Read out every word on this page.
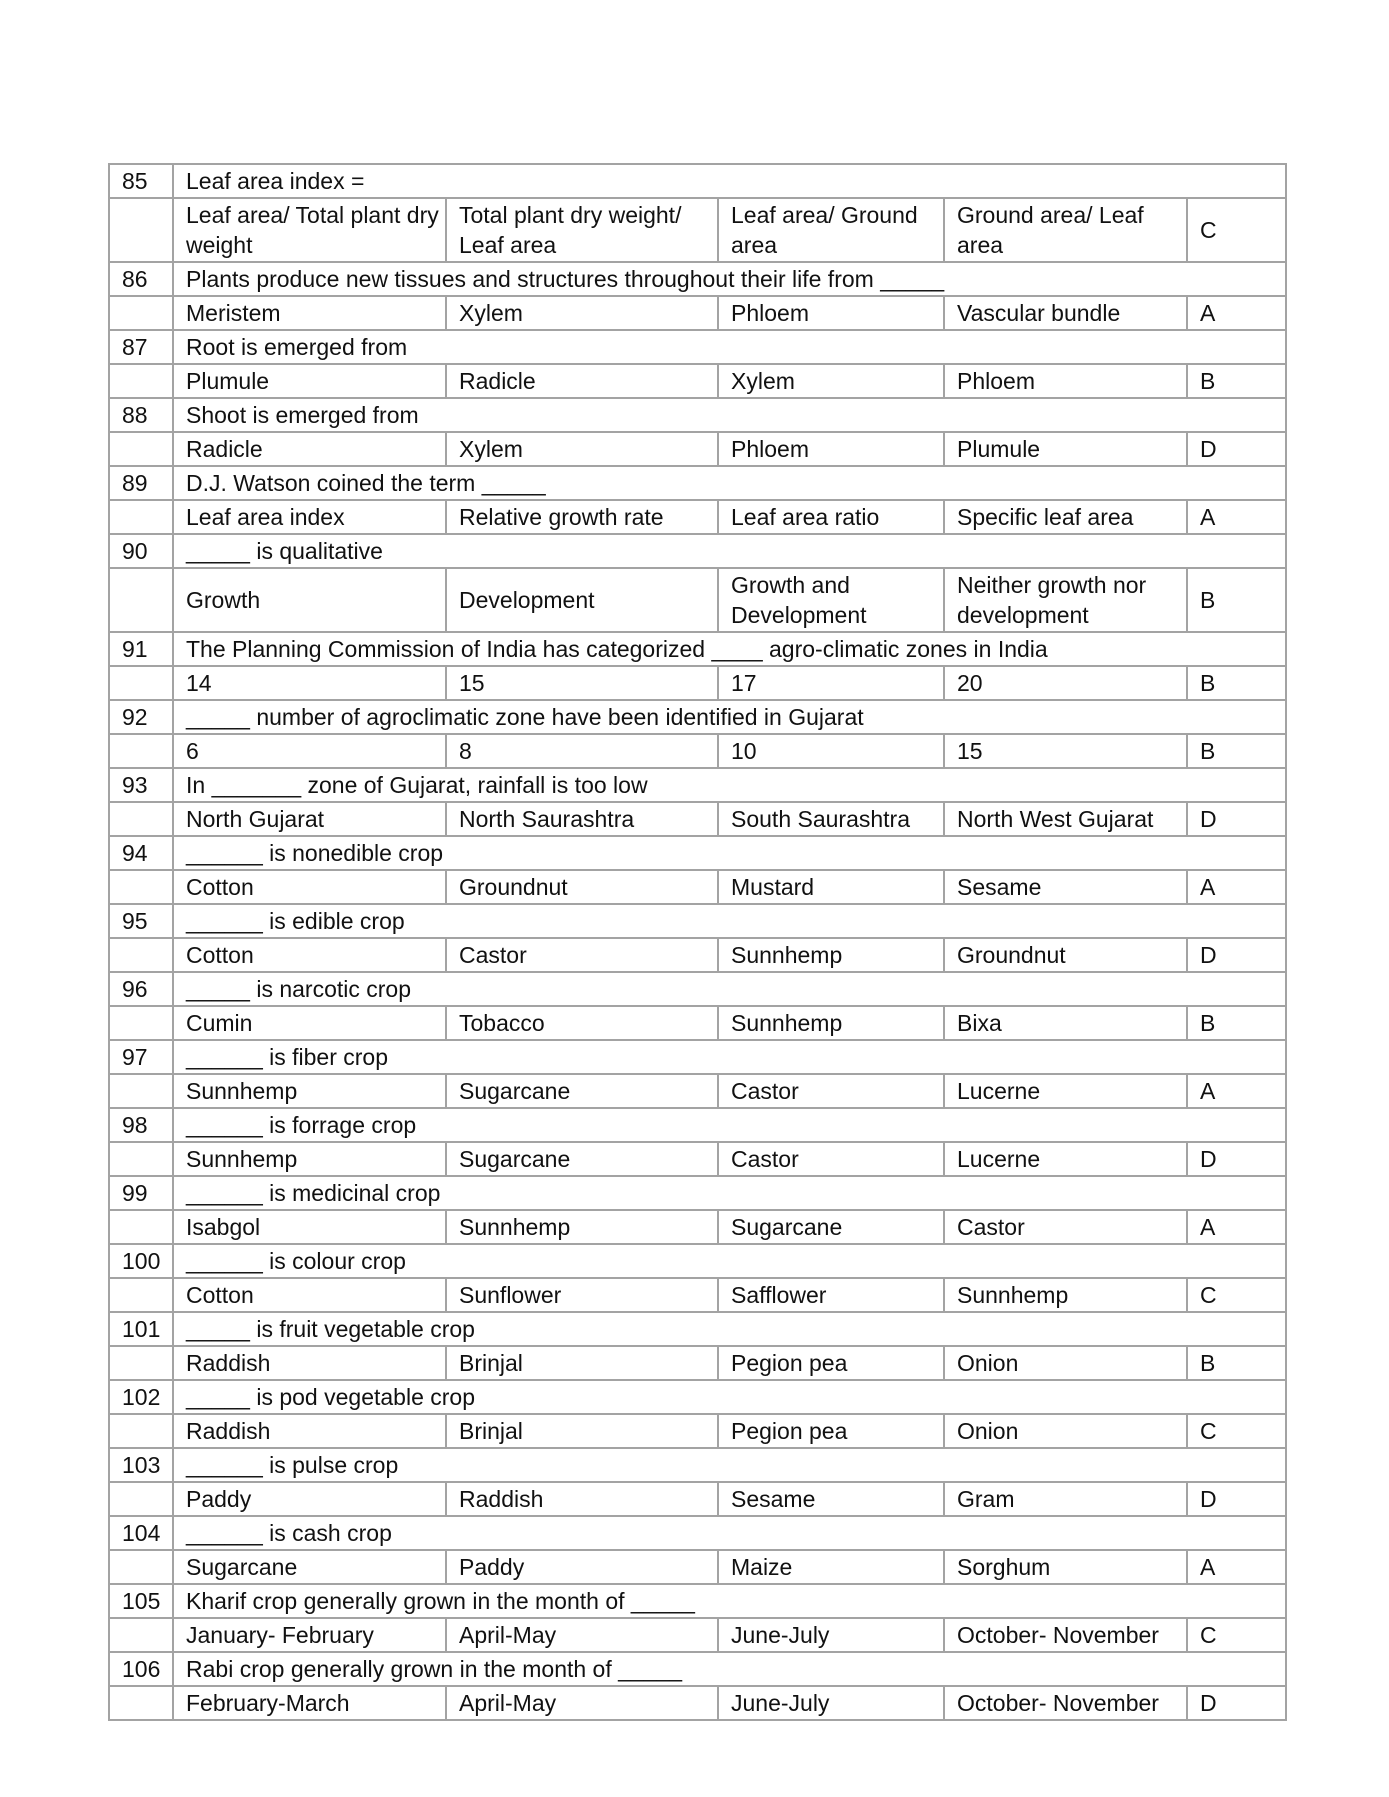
85	Leaf area index =				
	Leaf area/ Total plant dry weight	Total plant dry weight/ Leaf area	Leaf area/ Ground area	Ground area/ Leaf area	C
86	Plants produce new tissues and structures throughout their life from _____				
	Meristem	Xylem	Phloem	Vascular bundle	A
87	Root is emerged from				
	Plumule	Radicle	Xylem	Phloem	B
88	Shoot is emerged from				
	Radicle	Xylem	Phloem	Plumule	D
89	D.J. Watson coined the term _____				
	Leaf area index	Relative growth rate	Leaf area ratio	Specific leaf area	A
90	_____ is qualitative				
	Growth	Development	Growth and Development	Neither growth nor development	B
91	The Planning Commission of India has categorized ____ agro-climatic zones in India				
	14	15	17	20	B
92	_____ number of agroclimatic zone have been identified in Gujarat				
	6	8	10	15	B
93	In _______ zone of Gujarat, rainfall is too low				
	North Gujarat	North Saurashtra	South Saurashtra	North West Gujarat	D
94	______ is nonedible crop				
	Cotton	Groundnut	Mustard	Sesame	A
95	______ is edible crop				
	Cotton	Castor	Sunnhemp	Groundnut	D
96	_____ is narcotic crop				
	Cumin	Tobacco	Sunnhemp	Bixa	B
97	______ is fiber crop				
	Sunnhemp	Sugarcane	Castor	Lucerne	A
98	______ is forrage crop				
	Sunnhemp	Sugarcane	Castor	Lucerne	D
99	______ is medicinal crop				
	Isabgol	Sunnhemp	Sugarcane	Castor	A
100	______ is colour crop				
	Cotton	Sunflower	Safflower	Sunnhemp	C
101	_____ is fruit vegetable crop				
	Raddish	Brinjal	Pegion pea	Onion	B
102	_____ is pod vegetable crop				
	Raddish	Brinjal	Pegion pea	Onion	C
103	______ is pulse crop				
	Paddy	Raddish	Sesame	Gram	D
104	______ is cash crop				
	Sugarcane	Paddy	Maize	Sorghum	A
105	Kharif crop generally grown in the month of _____				
	January- February	April-May	June-July	October- November	C
106	Rabi crop generally grown in the month of _____				
	February-March	April-May	June-July	October- November	D
